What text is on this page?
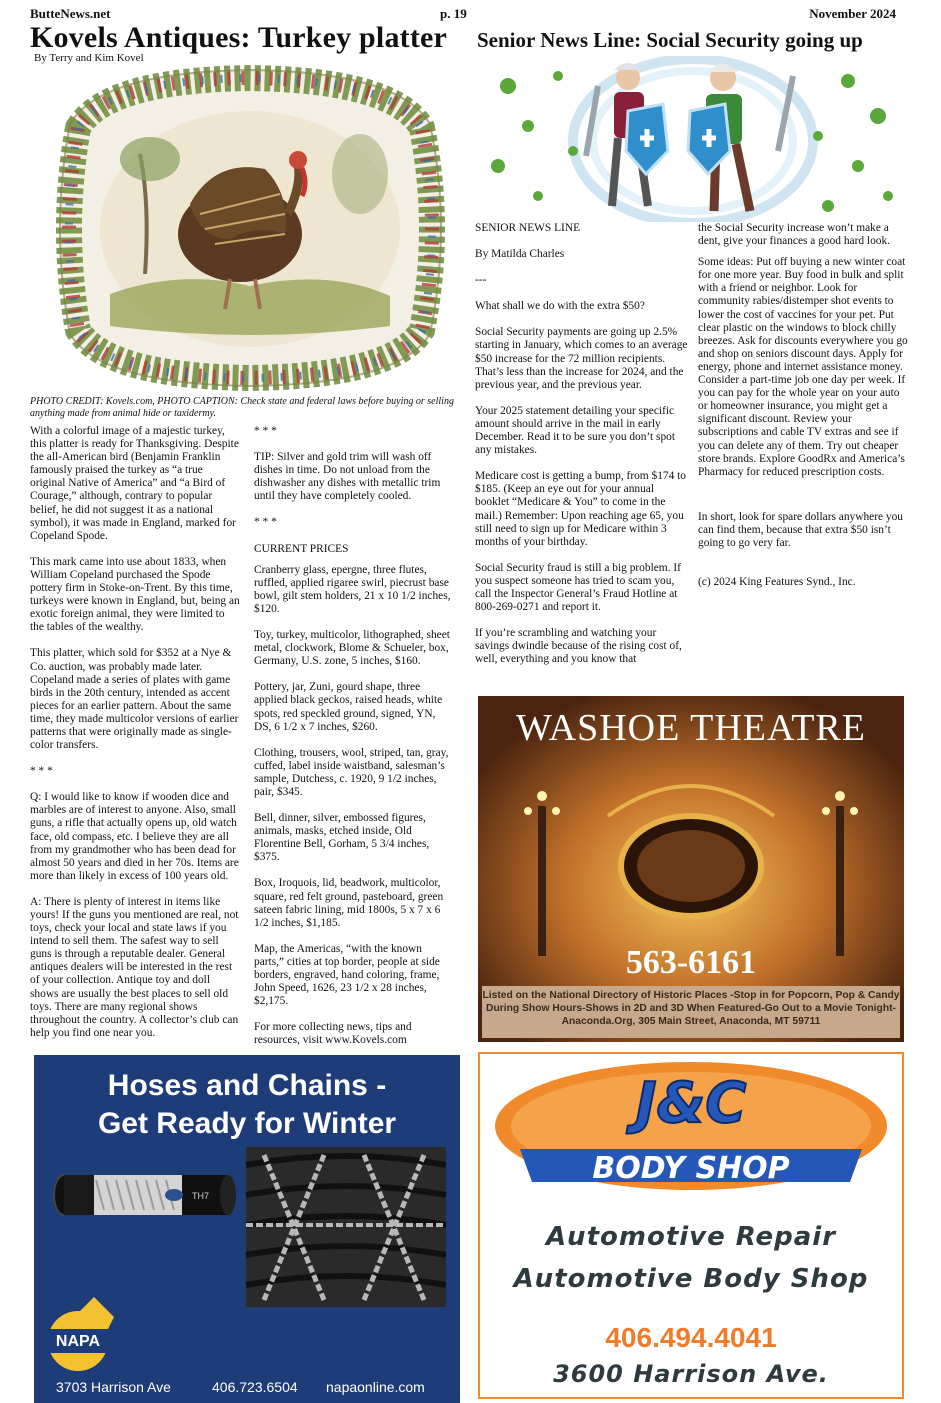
ButteNews.net	p. 19	November 2024
Kovels Antiques: Turkey platter
By Terry and Kim Kovel
PHOTO CREDIT: Kovels.com, PHOTO CAPTION: Check state and federal laws before buying or selling anything made from animal hide or taxidermy.

With a colorful image of a majestic turkey, this platter is ready for Thanksgiving. Despite the all-American bird (Benjamin Franklin famously praised the turkey as “a true original Native of America” and “a Bird of Courage,” although, contrary to popular belief, he did not suggest it as a national symbol), it was made in England, marked for Copeland Spode.

This mark came into use about 1833, when William Copeland purchased the Spode pottery firm in Stoke-on-Trent. By this time, turkeys were known in England, but, being an exotic foreign animal, they were limited to the tables of the wealthy.

This platter, which sold for $352 at a Nye & Co. auction, was probably made later. Copeland made a series of plates with game birds in the 20th century, intended as accent pieces for an earlier pattern. About the same time, they made multicolor versions of earlier patterns that were originally made as single-color transfers.

* * *

Q: I would like to know if wooden dice and marbles are of interest to anyone. Also, small guns, a rifle that actually opens up, old watch face, old compass, etc. I believe they are all from my grandmother who has been dead for almost 50 years and died in her 70s. Items are more than likely in excess of 100 years old.

A: There is plenty of interest in items like yours! If the guns you mentioned are real, not toys, check your local and state laws if you intend to sell them. The safest way to sell guns is through a reputable dealer. General antiques dealers will be interested in the rest of your collection. Antique toy and doll shows are usually the best places to sell old toys. There are many regional shows throughout the country. A collector’s club can help you find one near you.

* * *

TIP: Silver and gold trim will wash off dishes in time. Do not unload from the dishwasher any dishes with metallic trim until they have completely cooled.

* * *

CURRENT PRICES

Cranberry glass, epergne, three flutes, ruffled, applied rigaree swirl, piecrust base bowl, gilt stem holders, 21 x 10 1/2 inches, $120.

Toy, turkey, multicolor, lithographed, sheet metal, clockwork, Blome & Schueler, box, Germany, U.S. zone, 5 inches, $160.

Pottery, jar, Zuni, gourd shape, three applied black geckos, raised heads, white spots, red speckled ground, signed, YN, DS, 6 1/2 x 7 inches, $260.

Clothing, trousers, wool, striped, tan, gray, cuffed, label inside waistband, salesman’s sample, Dutchess, c. 1920, 9 1/2 inches, pair, $345.

Bell, dinner, silver, embossed figures, animals, masks, etched inside, Old Florentine Bell, Gorham, 5 3/4 inches, $375.

Box, Iroquois, lid, beadwork, multicolor, square, red felt ground, pasteboard, green sateen fabric lining, mid 1800s, 5 x 7 x 6 1/2 inches, $1,185.

Map, the Americas, “with the known parts,” cities at top border, people at side borders, engraved, hand coloring, frame, John Speed, 1626, 23 1/2 x 28 inches, $2,175.

For more collecting news, tips and resources, visit www.Kovels.com

Senior News Line: Social Security going up

SENIOR NEWS LINE

By Matilda Charles

---

What shall we do with the extra $50?

Social Security payments are going up 2.5% starting in January, which comes to an average $50 increase for the 72 million recipients. That’s less than the increase for 2024, and the previous year, and the previous year.

Your 2025 statement detailing your specific amount should arrive in the mail in early December. Read it to be sure you don’t spot any mistakes.

Medicare cost is getting a bump, from $174 to $185. (Keep an eye out for your annual booklet “Medicare & You” to come in the mail.) Remember: Upon reaching age 65, you still need to sign up for Medicare within 3 months of your birthday.

Social Security fraud is still a big problem. If you suspect someone has tried to scam you, call the Inspector General’s Fraud Hotline at 800-269-0271 and report it.

If you’re scrambling and watching your savings dwindle because of the rising cost of, well, everything and you know that

the Social Security increase won’t make a dent, give your finances a good hard look.

Some ideas: Put off buying a new winter coat for one more year. Buy food in bulk and split with a friend or neighbor. Look for community rabies/distemper shot events to lower the cost of vaccines for your pet. Put clear plastic on the windows to block chilly breezes. Ask for discounts everywhere you go and shop on seniors discount days. Apply for energy, phone and internet assistance money. Consider a part-time job one day per week. If you can pay for the whole year on your auto or homeowner insurance, you might get a significant discount. Review your subscriptions and cable TV extras and see if you can delete any of them. Try out cheaper store brands. Explore GoodRx and America’s Pharmacy for reduced prescription costs.

In short, look for spare dollars anywhere you can find them, because that extra $50 isn’t going to go very far.

(c) 2024 King Features Synd., Inc.

WASHOE THEATRE
563-6161
Listed on the National Directory of Historic Places -Stop in for Popcorn, Pop & Candy During Show Hours-Shows in 2D and 3D When Featured-Go Out to a Movie Tonight-Anaconda.Org, 305 Main Street, Anaconda, MT 59711
Hoses and Chains -
Get Ready for Winter
TH7
NAPA
3703 Harrison Ave	406.723.6504 napaonline.com
J&C
BODY SHOP
Automotive Repair
Automotive Body Shop
406.494.4041
3600 Harrison Ave.
